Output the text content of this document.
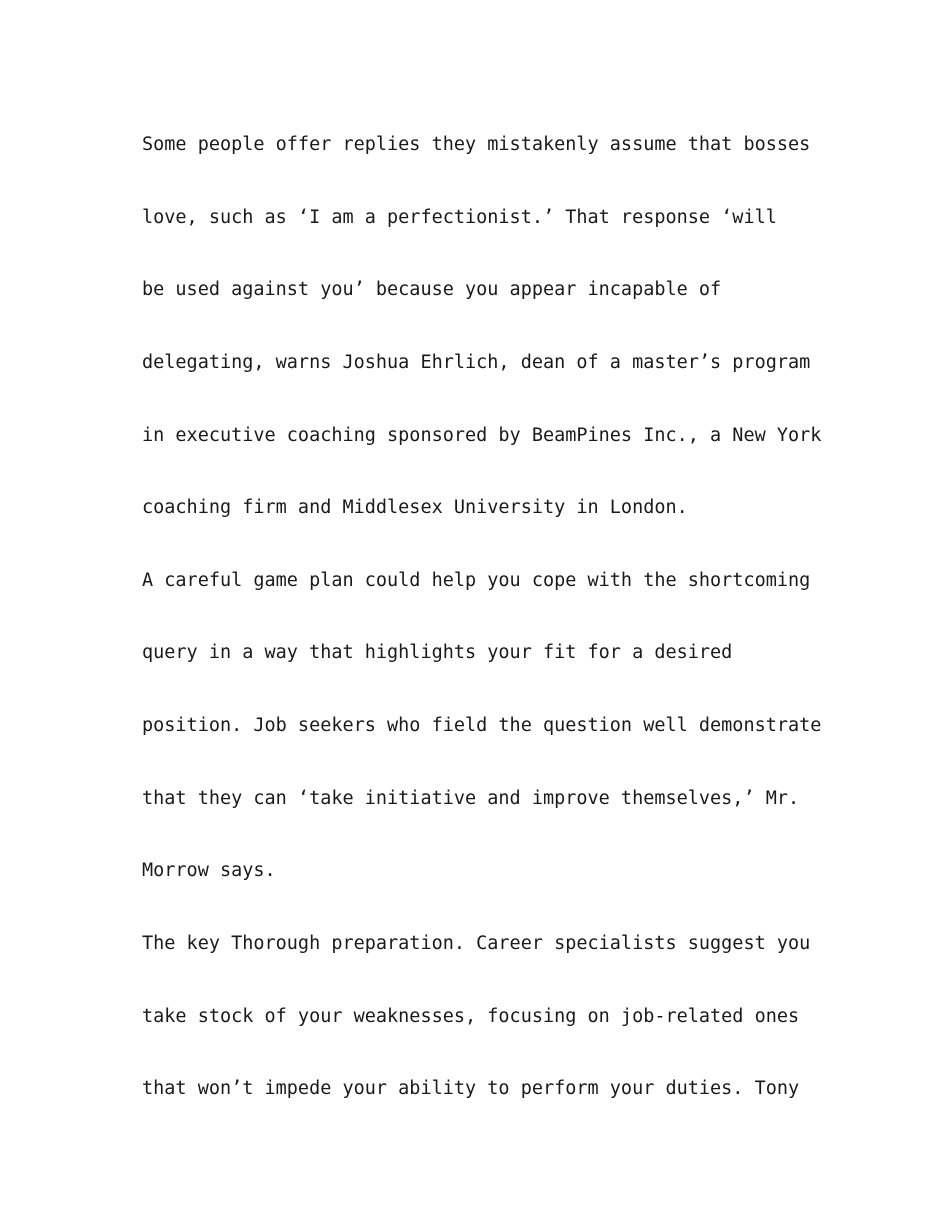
Some people offer replies they mistakenly assume that bosses
love, such as ‘I am a perfectionist.’ That response ‘will
be used against you’ because you appear incapable of
delegating, warns Joshua Ehrlich, dean of a master’s program
in executive coaching sponsored by BeamPines Inc., a New York
coaching firm and Middlesex University in London.
A careful game plan could help you cope with the shortcoming
query in a way that highlights your fit for a desired
position. Job seekers who field the question well demonstrate
that they can ‘take initiative and improve themselves,’ Mr.
Morrow says.
The key Thorough preparation. Career specialists suggest you
take stock of your weaknesses, focusing on job-related ones
that won’t impede your ability to perform your duties. Tony
